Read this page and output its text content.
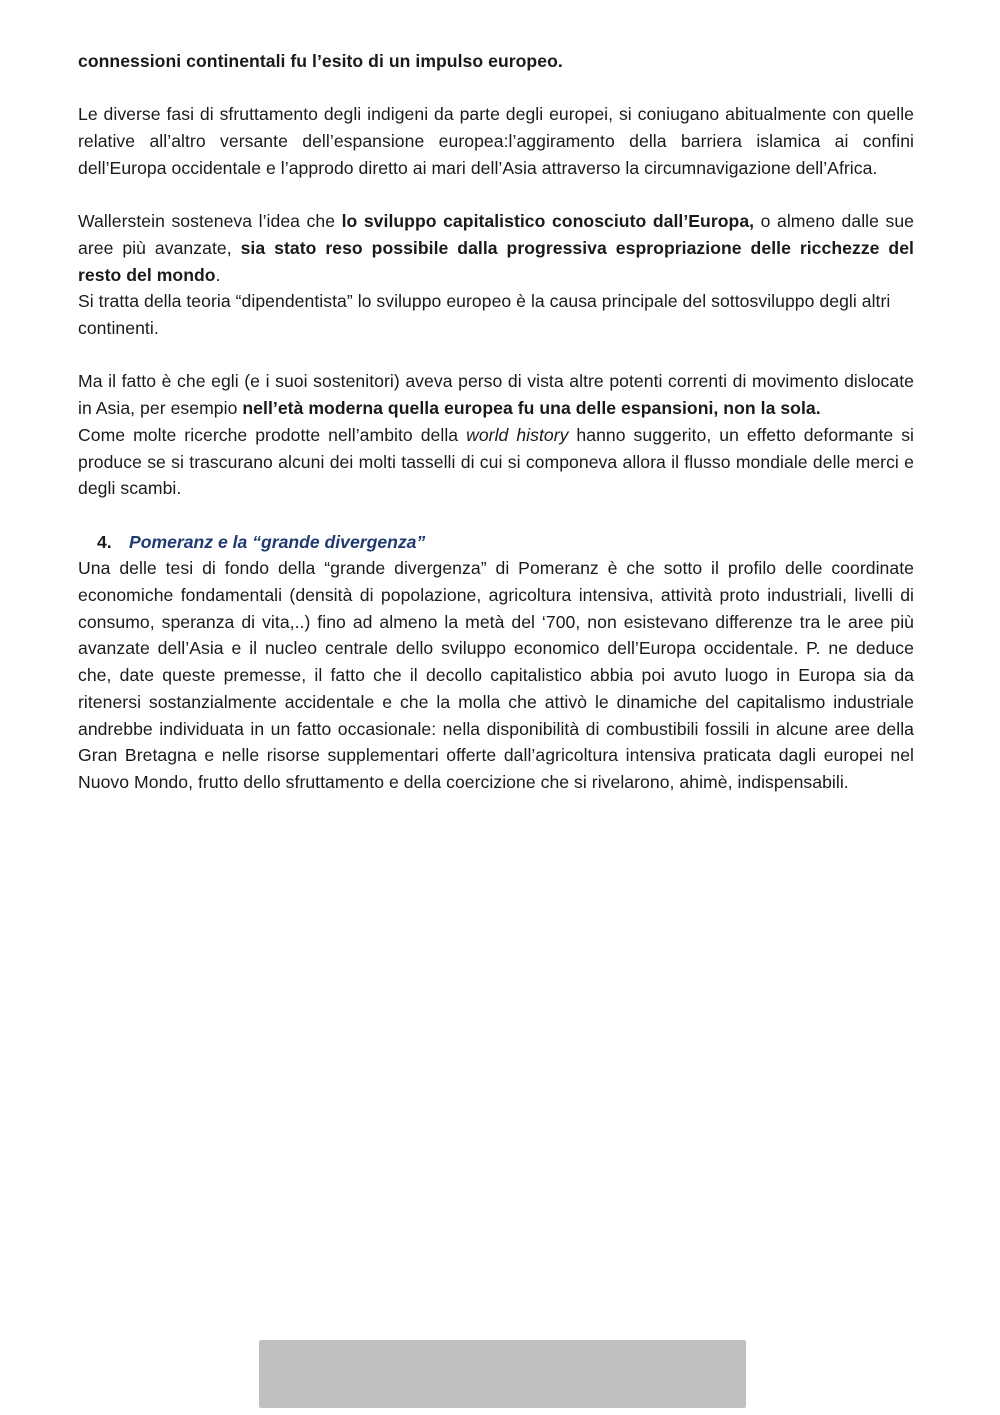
connessioni continentali fu l’esito di un impulso europeo.

Le diverse fasi di sfruttamento degli indigeni da parte degli europei, si coniugano abitualmente con quelle relative all’altro versante dell’espansione europea:l’aggiramento della barriera islamica ai confini dell’Europa occidentale e l’approdo diretto ai mari dell’Asia attraverso la circumnavigazione dell’Africa.

Wallerstein sosteneva l’idea che lo sviluppo capitalistico conosciuto dall’Europa, o almeno dalle sue aree più avanzate, sia stato reso possibile dalla progressiva espropriazione delle ricchezze del resto del mondo.

Si tratta della teoria “dipendentista” lo sviluppo europeo è la causa principale del sottosviluppo degli altri continenti.

Ma il fatto è che egli (e i suoi sostenitori) aveva perso di vista altre potenti correnti di movimento dislocate in Asia, per esempio nell’età moderna quella europea fu una delle espansioni, non la sola.

Come molte ricerche prodotte nell’ambito della world history hanno suggerito, un effetto deformante si produce se si trascurano alcuni dei molti tasselli di cui si componeva allora il flusso mondiale delle merci e degli scambi.

4. Pomeranz e la “grande divergenza”

Una delle tesi di fondo della “grande divergenza” di Pomeranz è che sotto il profilo delle coordinate economiche fondamentali (densità di popolazione, agricoltura intensiva, attività proto industriali, livelli di consumo, speranza di vita,..) fino ad almeno la metà del ‘700, non esistevano differenze tra le aree più avanzate dell’Asia e il nucleo centrale dello sviluppo economico dell’Europa occidentale. P. ne deduce che, date queste premesse, il fatto che il decollo capitalistico abbia poi avuto luogo in Europa sia da ritenersi sostanzialmente accidentale e che la molla che attivò le dinamiche del capitalismo industriale andrebbe individuata in un fatto occasionale: nella disponibilità di combustibili fossili in alcune aree della Gran Bretagna e nelle risorse supplementari offerte dall’agricoltura intensiva praticata dagli europei nel Nuovo Mondo, frutto dello sfruttamento e della coercizione che si rivelarono, ahimè, indispensabili.
